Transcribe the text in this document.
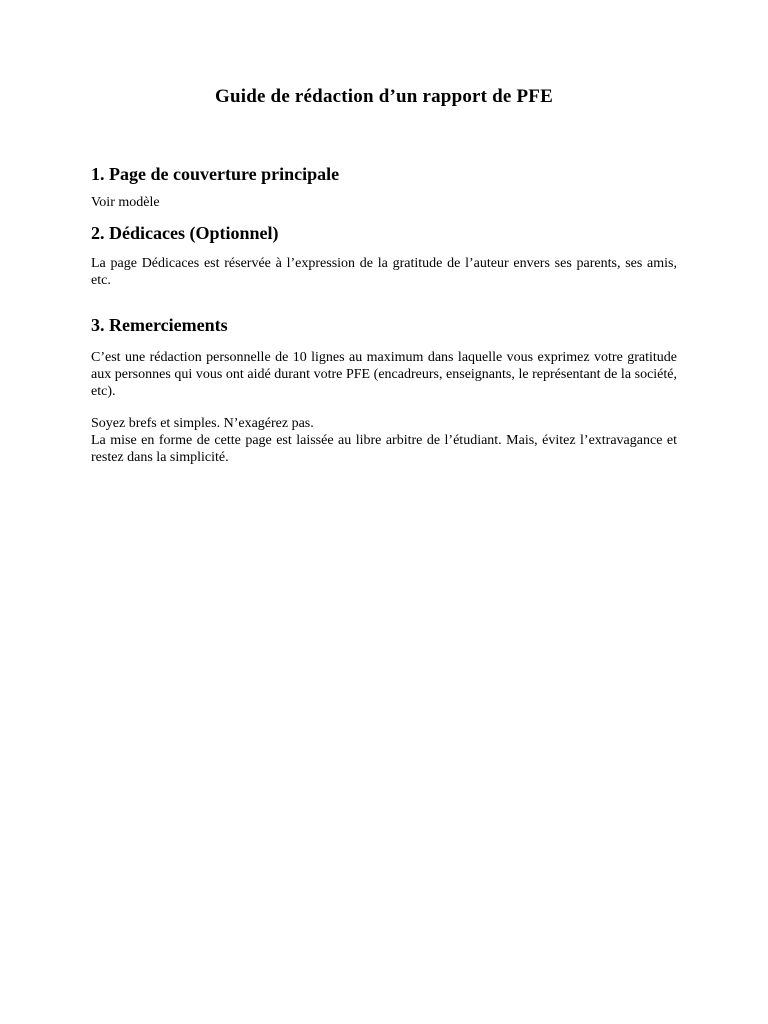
Guide de rédaction d’un rapport de PFE
1. Page de couverture principale

Voir modèle

2. Dédicaces (Optionnel)

La page Dédicaces est réservée à l’expression de la gratitude de l’auteur envers ses parents, ses amis, etc.

3. Remerciements

C’est une rédaction personnelle de 10 lignes au maximum dans laquelle vous exprimez votre gratitude aux personnes qui vous ont aidé durant votre PFE (encadreurs, enseignants, le représentant de la société, etc).

Soyez brefs et simples. N’exagérez pas.
La mise en forme de cette page est laissée au libre arbitre de l’étudiant. Mais, évitez l’extravagance et restez dans la simplicité.
